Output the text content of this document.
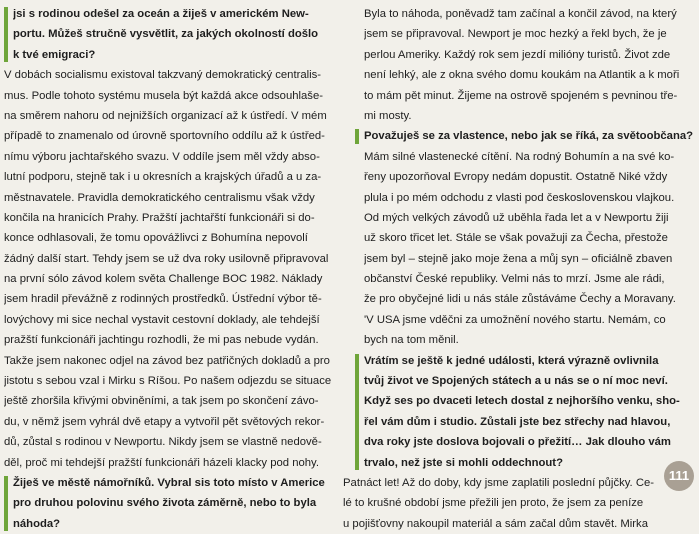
jsi s rodinou odešel za oceán a žiješ v americkém New-
portu. Můžeš stručně vysvětlit, za jakých okolností došlo
k tvé emigraci?
V dobách socialismu existoval takzvaný demokratický centralis-
mus. Podle tohoto systému musela být každá akce odsouhlaše-
na směrem nahoru od nejnižších organizací až k ústředí. V mém
případě to znamenalo od úrovně sportovního oddílu až k ústřed-
nímu výboru jachtařského svazu. V oddíle jsem měl vždy abso-
lutní podporu, stejně tak i u okresních a krajských úřadů a u za-
městnavatele. Pravidla demokratického centralismu však vždy
končila na hranicích Prahy. Pražští jachtařští funkcionáři si do-
konce odhlasovali, že tomu opovážlivci z Bohumína nepovolí
žádný další start. Tehdy jsem se už dva roky usilovně připravoval
na první sólo závod kolem světa Challenge BOC 1982. Náklady
jsem hradil převážně z rodinných prostředků. Ústřední výbor tě-
lovýchovy mi sice nechal vystavit cestovní doklady, ale tehdejší
pražští funkcionáři jachtingu rozhodli, že mi pas nebude vydán.
Takže jsem nakonec odjel na závod bez patřičných dokladů a pro
jistotu s sebou vzal i Mirku s Ríšou. Po našem odjezdu se situace
ještě zhoršila křivými obviněními, a tak jsem po skončení závo-
du, v němž jsem vyhrál dvě etapy a vytvořil pět světových rekor-
dů, zůstal s rodinou v Newportu. Nikdy jsem se vlastně nedově-
děl, proč mi tehdejší pražští funkcionáři házeli klacky pod nohy.
Žiješ ve městě námořníků. Vybral sis toto místo v Americe
pro druhou polovinu svého života záměrně, nebo to byla
náhoda?
Byla to náhoda, poněvadž tam začínal a končil závod, na který
jsem se připravoval. Newport je moc hezký a řekl bych, že je
perlou Ameriky. Každý rok sem jezdí milióny turistů. Život zde
není lehký, ale z okna svého domu koukám na Atlantik a k moři
to mám pět minut. Žijeme na ostrově spojeném s pevninou tře-
mi mosty.
Považuješ se za vlastence, nebo jak se říká, za světoobčana?
Mám silné vlastenecké cítění. Na rodný Bohumín a na své ko-
řeny upozorňoval Evropy nedám dopustit. Ostatně Niké vždy
plula i po mém odchodu z vlasti pod československou vlajkou.
Od mých velkých závodů už uběhla řada let a v Newportu žiji
už skoro třicet let. Stále se však považuji za Čecha, přestože
jsem byl – stejně jako moje žena a můj syn – oficiálně zbaven
občanství České republiky. Velmi nás to mrzí. Jsme ale rádi,
že pro obyčejné lidi u nás stále zůstáváme Čechy a Moravany.
'V USA jsme vděčni za umožnění nového startu. Nemám, co
bych na tom měnil.
Vrátím se ještě k jedné události, která výrazně ovlivnila
tvůj život ve Spojených státech a u nás se o ní moc neví.
Když ses po dvaceti letech dostal z nejhoršího venku, sho-
řel vám dům i studio. Zůstali jste bez střechy nad hlavou,
dva roky jste doslova bojovali o přežití… Jak dlouho vám
trvalo, než jste si mohli oddechnout?
Patnáct let! Až do doby, kdy jsme zaplatili poslední půjčky. Ce-
lé to krušné období jsme přežili jen proto, že jsem za peníze
u pojišťovny nakoupil materiál a sám začal dům stavět. Mirka
111
